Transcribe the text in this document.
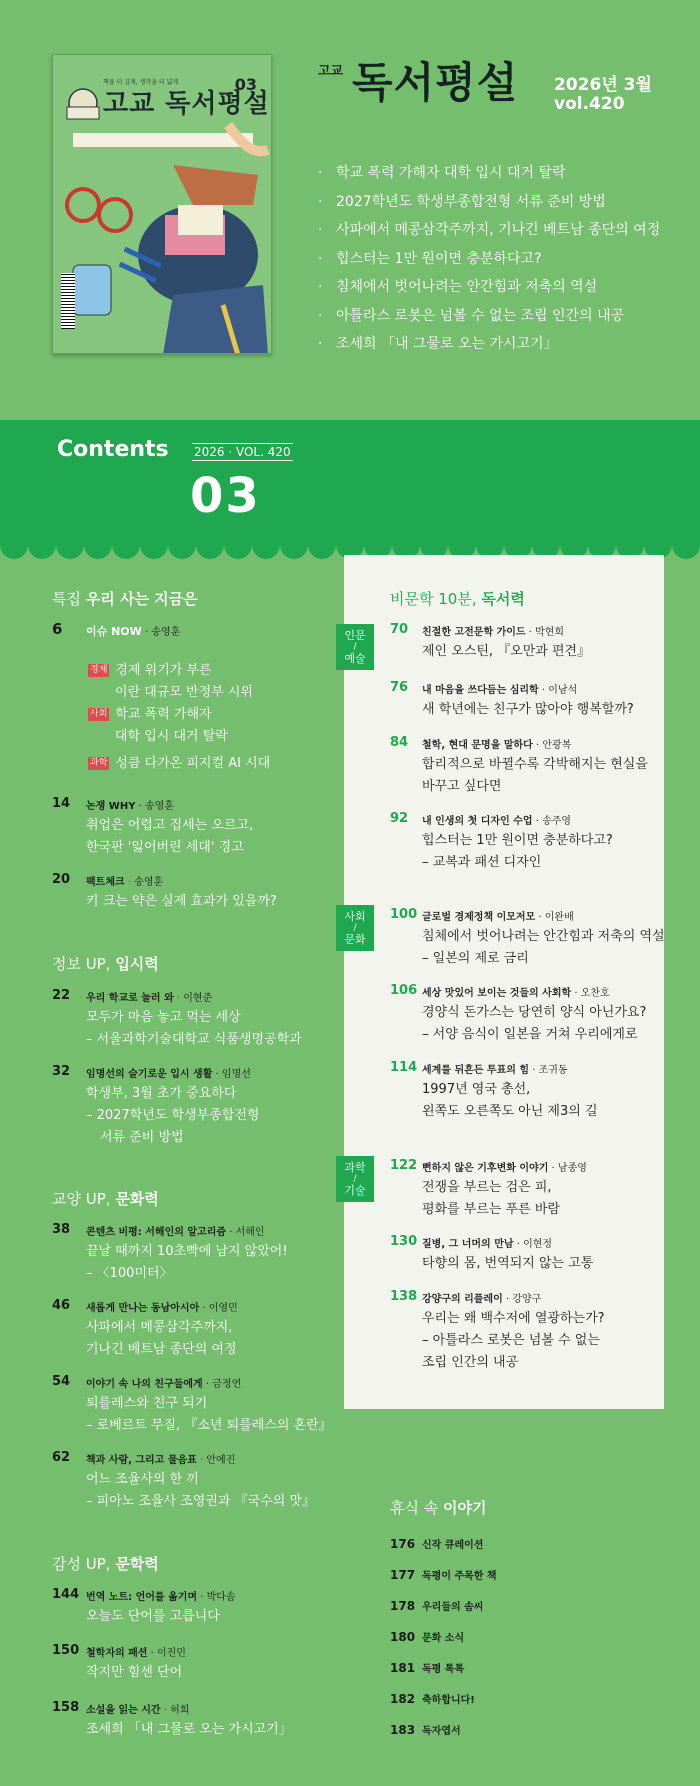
책을 더 깊게, 생각을 더 넓게
고교 독서평설
03
고교 독서평설 2026년 3월
vol.420
· 학교 폭력 가해자 대학 입시 대거 탈락
· 2027학년도 학생부종합전형 서류 준비 방법
· 사파에서 메콩삼각주까지, 기나긴 베트남 종단의 여정
· 힙스터는 1만 원이면 충분하다고?
· 침체에서 벗어나려는 안간힘과 저축의 역설
· 아틀라스 로봇은 넘볼 수 없는 조립 인간의 내공
· 조세희 「내 그물로 오는 가시고기」
Contents 2026 · VOL. 420
03
특집 우리 사는 지금은
6 이슈 NOW · 송영훈
경제 경제 위기가 부른
이란 대규모 반정부 시위
사회 학교 폭력 가해자
대학 입시 대거 탈락
과학 성큼 다가온 피지컬 AI 시대
14 논쟁 WHY · 송영훈
취업은 어렵고 집세는 오르고,
한국판 '잃어버린 세대' 경고
20 팩트체크 · 송영훈
키 크는 약은 실제 효과가 있을까?
정보 UP, 입시력
22 우리 학교로 놀러 와 · 이현준
모두가 마음 놓고 먹는 세상
– 서울과학기술대학교 식품생명공학과
32 임명선의 슬기로운 입시 생활 · 임명선
학생부, 3월 초가 중요하다
– 2027학년도 학생부종합전형
서류 준비 방법
교양 UP, 문화력
38 콘텐츠 비평: 서해인의 알고리즘 · 서해인
끝날 때까지 10초빡에 남지 않았어!
– 〈100미터〉
46 새롭게 만나는 동남아시아 · 이영민
사파에서 메콩삼각주까지,
기나긴 베트남 종단의 여정
54 이야기 속 나의 친구들에게 · 금정연
퇴를레스와 친구 되기
– 로베르트 무질, 『소년 퇴를레스의 혼란』
62 책과 사람, 그리고 물음표 · 안예진
어느 조율사의 한 끼
– 피아노 조율사 조영권과 『국수의 맛』
감성 UP, 문학력
144 번역 노트: 언어를 옮기며 · 박다솜
오늘도 단어를 고릅니다
150 철학자의 패션 · 이진민
작지만 힘센 단어
158 소설을 읽는 시간 · 허희
조세희 「내 그물로 오는 가시고기」
비문학 10분, 독서력
인문
/
예술
사회
/
문화
과학
/
기술
70 친절한 고전문학 가이드 · 박현희
제인 오스틴, 『오만과 편견』
76 내 마음을 쓰다듬는 심리학 · 이남석
새 학년에는 친구가 많아야 행복할까?
84 철학, 현대 문명을 말하다 · 안광복
합리적으로 바뀔수록 각박해지는 현실을
바꾸고 싶다면
92 내 인생의 첫 디자인 수업 · 송주영
힙스터는 1만 원이면 충분하다고?
– 교복과 패션 디자인
100 글로벌 경제정책 이모저모 · 이완배
침체에서 벗어나려는 안간힘과 저축의 역설
– 일본의 제로 금리
106 세상 맛있어 보이는 것들의 사회학 · 오찬호
경양식 돈가스는 당연히 양식 아닌가요?
– 서양 음식이 일본을 거쳐 우리에게로
114 세계를 뒤흔든 투표의 힘 · 조귀동
1997년 영국 총선,
왼쪽도 오른쪽도 아닌 제3의 길
122 뻔하지 않은 기후변화 이야기 · 남종영
전쟁을 부르는 검은 피,
평화를 부르는 푸른 바람
130 질병, 그 너머의 만남 · 이현정
타향의 몸, 번역되지 않는 고통
138 강양구의 리플레이 · 강양구
우리는 왜 백수저에 열광하는가?
– 아틀라스 로봇은 넘볼 수 없는
조립 인간의 내공
휴식 속 이야기
176 신작 큐레이션
177 독평이 주목한 책
178 우리들의 솜씨
180 문화 소식
181 독평 톡톡
182 축하합니다!
183 독자엽서
